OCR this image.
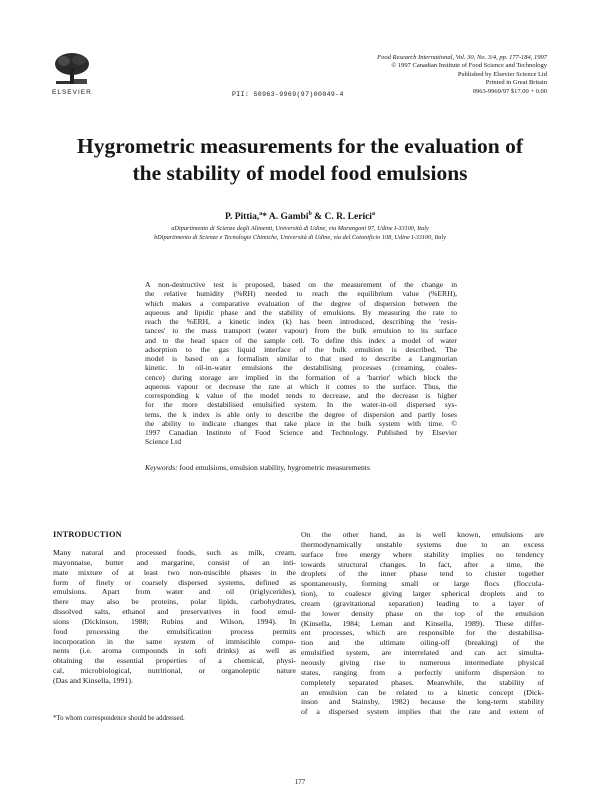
ELSEVIER
Food Research International, Vol. 30, No. 3/4, pp. 177-184, 1997
© 1997 Canadian Institute of Food Science and Technology
Published by Elsevier Science Ltd
Printed in Great Britain
0963-9969/97 $17.00 + 0.00
PII: S0963-9969(97)00049-4
Hygrometric measurements for the evaluation of
the stability of model food emulsions
P. Pittia,$^a$* A. Gambi$^b$ & C. R. Lerici$^a$
aDipartimento di Scienze degli Alimenti, Università di Udine, via Marangoni 97, Udine I-33100, Italy
bDipartimento di Scienze e Tecnologie Chimiche, Università di Udine, via del Cotonificio 108, Udine I-33100, Italy
A non-destructive test is proposed, based on the measurement of the change in
the relative humidity (%RH) needed to reach the equilibrium value (%ERH),
which makes a comparative evaluation of the degree of dispersion between the
aqueous and lipidic phase and the stability of emulsions. By measuring the rate to
reach the %ERH, a kinetic index (k) has been introduced, describing the 'resis-
tances' to the mass transport (water vapour) from the bulk emulsion to its surface
and to the head space of the sample cell. To define this index a model of water
adsorption to the gas liquid interface of the bulk emulsion is described. The
model is based on a formalism similar to that used to describe a Langmurian
kinetic. In oil-in-water emulsions the destabilising processes (creaming, coales-
cence) during storage are implied in the formation of a 'barrier' which block the
aqueous vapour or decrease the rate at which it comes to the surface. Thus, the
corresponding k value of the model tends to decrease, and the decrease is higher
for the more destabilised emulsified system. In the water-in-oil dispersed sys-
tems, the k index is able only to describe the degree of dispersion and partly loses
the ability to indicate changes that take place in the bulk system with time. ©
1997 Canadian Institute of Food Science and Technology. Published by Elsevier
Science Ltd
Keywords: food emulsions, emulsion stability, hygrometric measurements
INTRODUCTION
Many natural and processed foods, such as milk, cream,
mayonnaise, butter and margarine, consist of an inti-
mate mixture of at least two non-miscible phases in the
form of finely or coarsely dispersed systems, defined as
emulsions. Apart from water and oil (triglycerides),
there may also be proteins, polar lipids, carbohydrates,
dissolved salts, ethanol and preservatives in food emul-
sions (Dickinson, 1988; Rubins and Wilson, 1994). In
food processing the emulsification process permits
incorporation in the same system of immiscible compo-
nents (i.e. aroma compounds in soft drinks) as well as
obtaining the essential properties of a chemical, physi-
cal, microbiological, nutritional, or organoleptic nature
(Das and Kinsella, 1991).
On the other hand, as is well known, emulsions are
thermodynamically unstable systems due to an excess
surface free energy where stability implies no tendency
towards structural changes. In fact, after a time, the
droplets of the inner phase tend to cluster together
spontaneously, forming small or large flocs (floccula-
tion), to coalesce giving larger spherical droplets and to
cream (gravitational separation) leading to a layer of
the lower density phase on the top of the emulsion
(Kinsella, 1984; Leman and Kinsella, 1989). These differ-
ent processes, which are responsible for the destabilisa-
tion and the ultimate oiling-off (breaking) of the
emulsified system, are interrelated and can act simulta-
neously giving rise to numerous intermediate physical
states, ranging from a perfectly uniform dispersion to
completely separated phases. Meanwhile, the stability of
an emulsion can be related to a kinetic concept (Dick-
inson and Stainsby, 1982) because the long-term stability
of a dispersed system implies that the rate and extent of
*To whom correspondence should be addressed.
177
